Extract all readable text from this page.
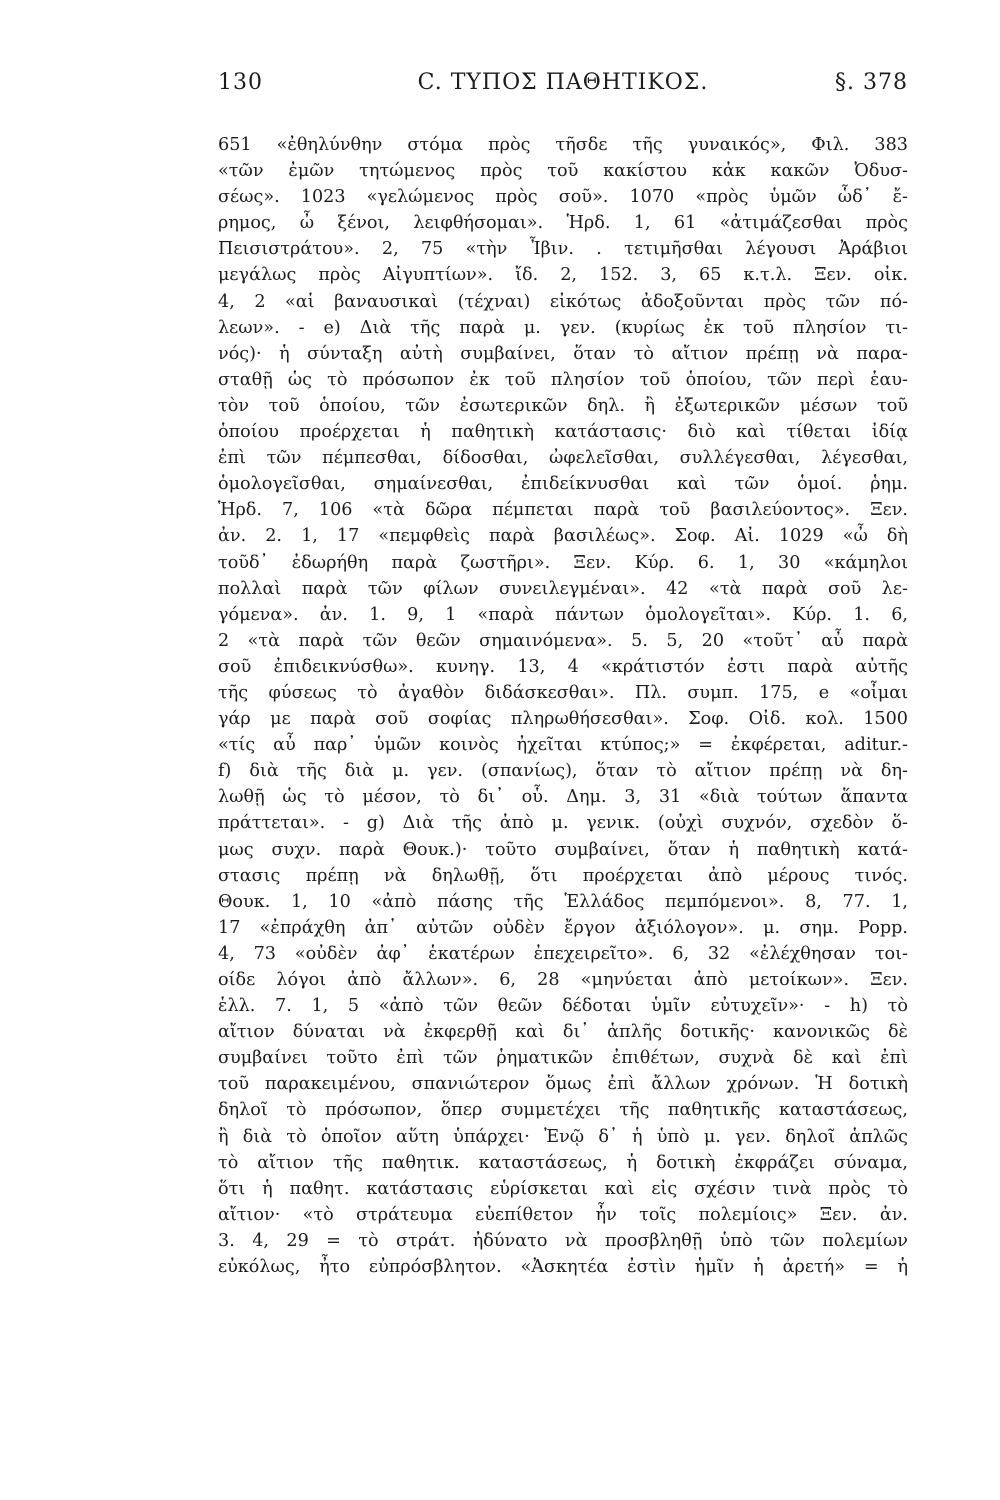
130	C. ΤΥΠΟΣ ΠΑΘΗΤΙΚΟΣ.	§. 378
651 «ἐθηλύνθην στόμα πρὸς τῆσδε τῆς γυναικός», Φιλ. 383
«τῶν ἐμῶν τητώμενος πρὸς τοῦ κακίστου κἀκ κακῶν Ὀδυσ-
σέως». 1023 «γελώμενος πρὸς σοῦ». 1070 «πρὸς ὑμῶν ὧδ᾿ ἔ-
ρημος, ὦ ξένοι, λειφθήσομαι». Ἡρδ. 1, 61 «ἀτιμάζεσθαι πρὸς
Πεισιστράτου». 2, 75 «τὴν Ἶβιν. . τετιμῆσθαι λέγουσι Ἀράβιοι
μεγάλως πρὸς Αἰγυπτίων». ἴδ. 2, 152. 3, 65 κ.τ.λ. Ξεν. οἰκ.
4, 2 «αἱ βαναυσικαὶ (τέχναι) εἰκότως ἀδοξοῦνται πρὸς τῶν πό-
λεων». - e) Διὰ τῆς παρὰ μ. γεν. (κυρίως ἐκ τοῦ πλησίον τι-
νός)· ἡ σύνταξη αὐτὴ συμβαίνει, ὅταν τὸ αἴτιον πρέπῃ νὰ παρα-
σταθῇ ὡς τὸ πρόσωπον ἐκ τοῦ πλησίον τοῦ ὁποίου, τῶν περὶ ἑαυ-
τὸν τοῦ ὁποίου, τῶν ἐσωτερικῶν δηλ. ἢ ἐξωτερικῶν μέσων τοῦ
ὁποίου προέρχεται ἡ παθητικὴ κατάστασις· διὸ καὶ τίθεται ἰδίᾳ
ἐπὶ τῶν πέμπεσθαι, δίδοσθαι, ὠφελεῖσθαι, συλλέγεσθαι, λέγεσθαι,
ὁμολογεῖσθαι, σημαίνεσθαι, ἐπιδείκνυσθαι καὶ τῶν ὁμοί. ῥημ.
Ἡρδ. 7, 106 «τὰ δῶρα πέμπεται παρὰ τοῦ βασιλεύοντος». Ξεν.
ἀν. 2. 1, 17 «πεμφθεὶς παρὰ βασιλέως». Σοφ. Αἰ. 1029 «ὦ δὴ
τοῦδ᾿ ἐδωρήθη παρὰ ζωστῆρι». Ξεν. Κύρ. 6. 1, 30 «κάμηλοι
πολλαὶ παρὰ τῶν φίλων συνειλεγμέναι». 42 «τὰ παρὰ σοῦ λε-
γόμενα». ἀν. 1. 9, 1 «παρὰ πάντων ὁμολογεῖται». Κύρ. 1. 6,
2 «τὰ παρὰ τῶν θεῶν σημαινόμενα». 5. 5, 20 «τοῦτ᾿ αὖ παρὰ
σοῦ ἐπιδεικνύσθω». κυνηγ. 13, 4 «κράτιστόν ἐστι παρὰ αὐτῆς
τῆς φύσεως τὸ ἀγαθὸν διδάσκεσθαι». Πλ. συμπ. 175, e «οἶμαι
γάρ με παρὰ σοῦ σοφίας πληρωθήσεσθαι». Σοφ. Οἰδ. κολ. 1500
«τίς αὖ παρ᾿ ὑμῶν κοινὸς ἠχεῖται κτύπος;» = ἐκφέρεται, aditur.-
f) διὰ τῆς διὰ μ. γεν. (σπανίως), ὅταν τὸ αἴτιον πρέπῃ νὰ δη-
λωθῇ ὡς τὸ μέσον, τὸ δι᾿ οὗ. Δημ. 3, 31 «διὰ τούτων ἅπαντα
πράττεται». - g) Διὰ τῆς ἀπὸ μ. γενικ. (οὐχὶ συχνόν, σχεδὸν ὅ-
μως συχν. παρὰ Θουκ.)· τοῦτο συμβαίνει, ὅταν ἡ παθητικὴ κατά-
στασις πρέπῃ νὰ δηλωθῇ, ὅτι προέρχεται ἀπὸ μέρους τινός.
Θουκ. 1, 10 «ἀπὸ πάσης τῆς Ἑλλάδος πεμπόμενοι». 8, 77. 1,
17 «ἐπράχθη ἀπ᾿ αὐτῶν οὐδὲν ἔργον ἀξιόλογον». μ. σημ. Popp.
4, 73 «οὐδὲν ἀφ᾿ ἑκατέρων ἐπεχειρεῖτο». 6, 32 «ἐλέχθησαν τοι-
οίδε λόγοι ἀπὸ ἄλλων». 6, 28 «μηνύεται ἀπὸ μετοίκων». Ξεν.
ἑλλ. 7. 1, 5 «ἀπὸ τῶν θεῶν δέδοται ὑμῖν εὐτυχεῖν»· - h) τὸ
αἴτιον δύναται νὰ ἐκφερθῇ καὶ δι᾿ ἁπλῆς δοτικῆς· κανονικῶς δὲ
συμβαίνει τοῦτο ἐπὶ τῶν ῥηματικῶν ἐπιθέτων, συχνὰ δὲ καὶ ἐπὶ
τοῦ παρακειμένου, σπανιώτερον ὅμως ἐπὶ ἄλλων χρόνων. Ἡ δοτικὴ
δηλοῖ τὸ πρόσωπον, ὅπερ συμμετέχει τῆς παθητικῆς καταστάσεως,
ἢ διὰ τὸ ὁποῖον αὕτη ὑπάρχει· Ἐνῷ δ᾿ ἡ ὑπὸ μ. γεν. δηλοῖ ἁπλῶς
τὸ αἴτιον τῆς παθητικ. καταστάσεως, ἡ δοτικὴ ἐκφράζει σύναμα,
ὅτι ἡ παθητ. κατάστασις εὑρίσκεται καὶ εἰς σχέσιν τινὰ πρὸς τὸ
αἴτιον· «τὸ στράτευμα εὐεπίθετον ἦν τοῖς πολεμίοις» Ξεν. ἀν.
3. 4, 29 = τὸ στράτ. ἠδύνατο νὰ προσβληθῇ ὑπὸ τῶν πολεμίων
εὐκόλως, ἦτο εὐπρόσβλητον. «Ἀσκητέα ἐστὶν ἡμῖν ἡ ἀρετή» = ἡ
